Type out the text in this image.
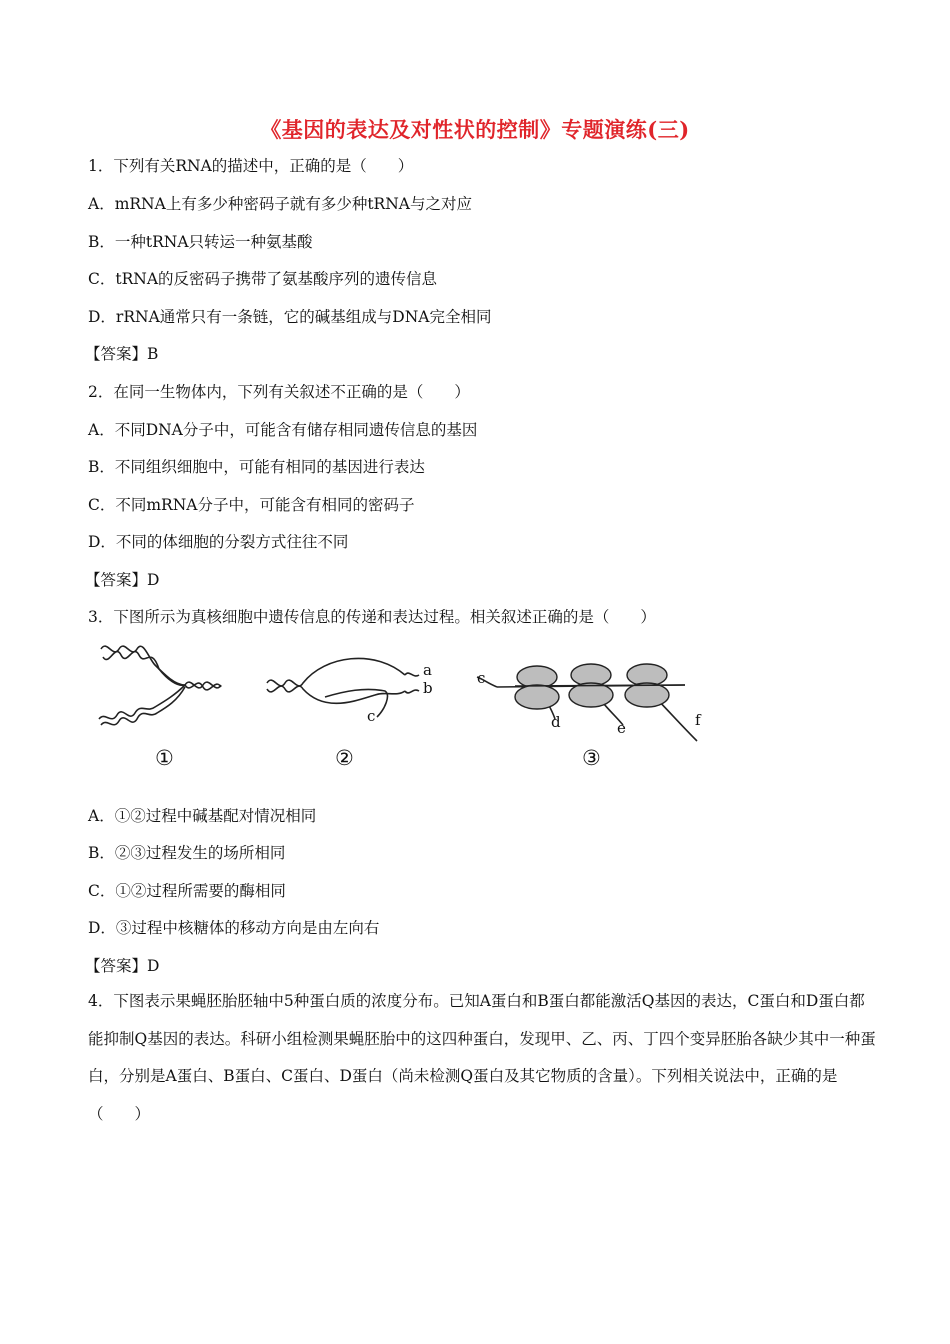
《基因的表达及对性状的控制》专题演练(三)
1．下列有关RNA的描述中，正确的是（　　）
A．mRNA上有多少种密码子就有多少种tRNA与之对应
B．一种tRNA只转运一种氨基酸
C．tRNA的反密码子携带了氨基酸序列的遗传信息
D．rRNA通常只有一条链，它的碱基组成与DNA完全相同
【答案】B
2．在同一生物体内，下列有关叙述不正确的是（　　）
A．不同DNA分子中，可能含有储存相同遗传信息的基因
B．不同组织细胞中，可能有相同的基因进行表达
C．不同mRNA分子中，可能含有相同的密码子
D．不同的体细胞的分裂方式往往不同
【答案】D
3．下图所示为真核细胞中遗传信息的传递和表达过程。相关叙述正确的是（　　）
a
b
c
c
d	e	f
①	②	③
A．①②过程中碱基配对情况相同
B．②③过程发生的场所相同
C．①②过程所需要的酶相同
D．③过程中核糖体的移动方向是由左向右
【答案】D
4．下图表示果蝇胚胎胚轴中5种蛋白质的浓度分布。已知A蛋白和B蛋白都能激活Q基因的表达，C蛋白和D蛋白都能抑制Q基因的表达。科研小组检测果蝇胚胎中的这四种蛋白，发现甲、乙、丙、丁四个变异胚胎各缺少其中一种蛋白，分别是A蛋白、B蛋白、C蛋白、D蛋白（尚未检测Q蛋白及其它物质的含量）。下列相关说法中，正确的是（　　）
